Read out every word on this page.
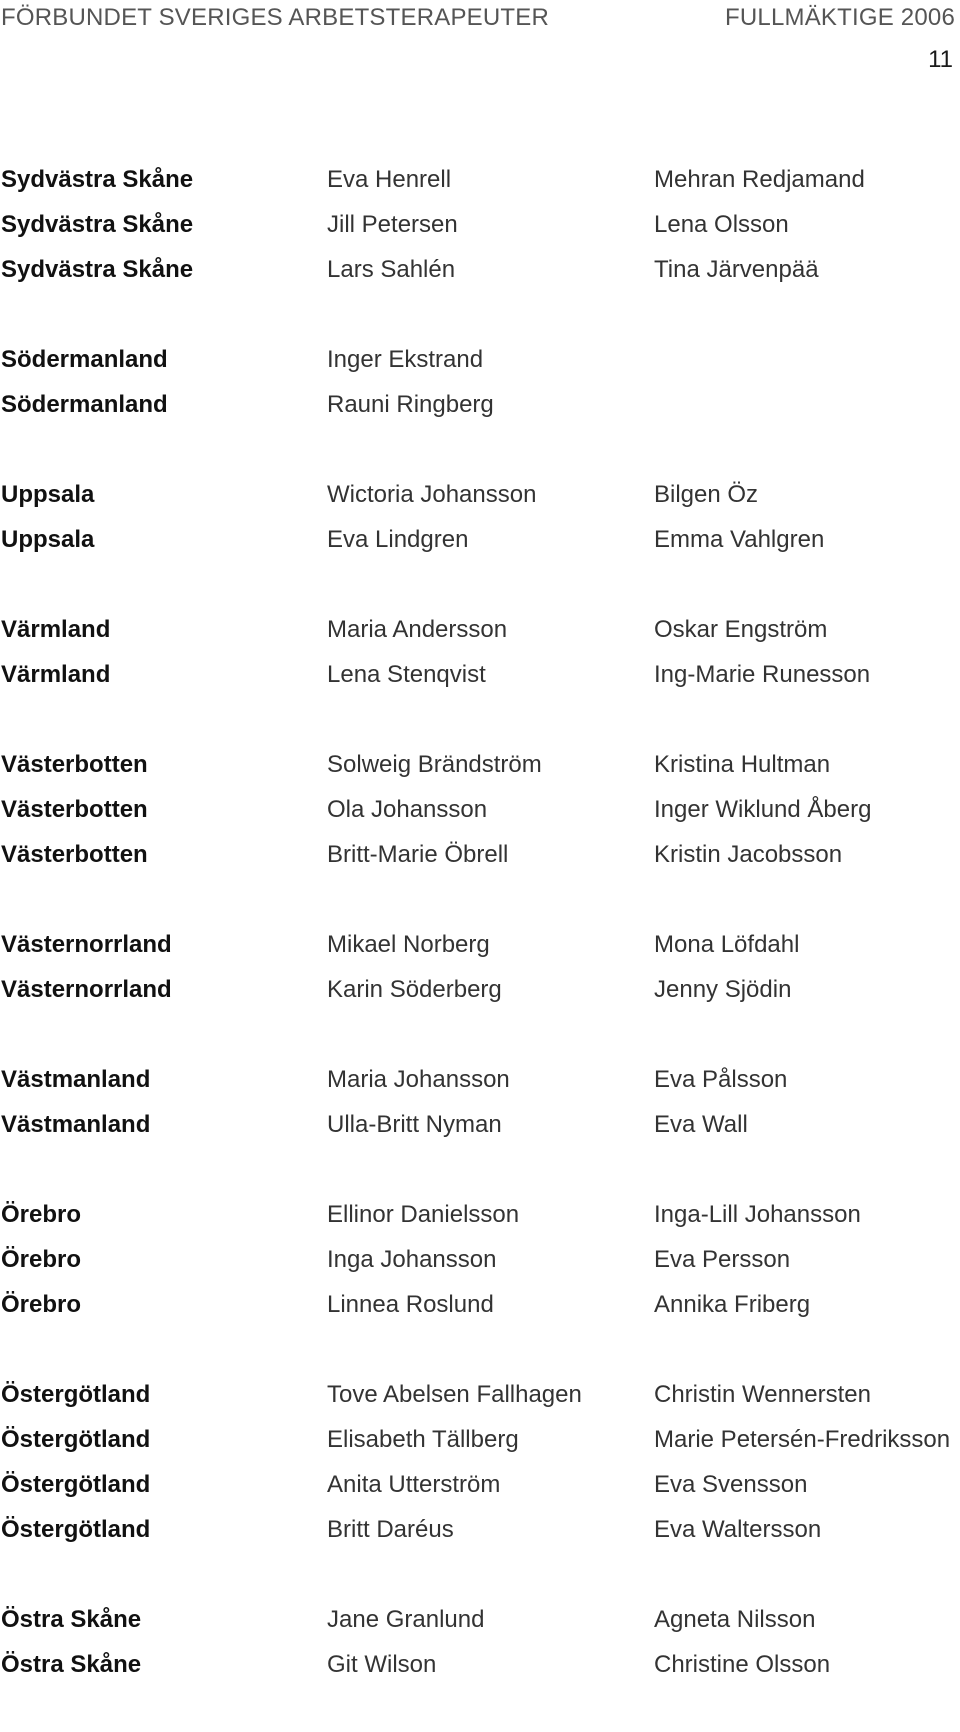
FÖRBUNDET SVERIGES ARBETSTERAPEUTER	FULLMÄKTIGE 2006
11
Sydvästra Skåne	Eva Henrell	Mehran Redjamand
Sydvästra Skåne	Jill Petersen	Lena Olsson
Sydvästra Skåne	Lars Sahlén	Tina Järvenpää
Södermanland	Inger Ekstrand
Södermanland	Rauni Ringberg
Uppsala	Wictoria Johansson	Bilgen Öz
Uppsala	Eva Lindgren	Emma Vahlgren
Värmland	Maria Andersson	Oskar Engström
Värmland	Lena Stenqvist	Ing-Marie Runesson
Västerbotten	Solweig Brändström	Kristina Hultman
Västerbotten	Ola Johansson	Inger Wiklund Åberg
Västerbotten	Britt-Marie Öbrell	Kristin Jacobsson
Västernorrland	Mikael Norberg	Mona Löfdahl
Västernorrland	Karin Söderberg	Jenny Sjödin
Västmanland	Maria Johansson	Eva Pålsson
Västmanland	Ulla-Britt Nyman	Eva Wall
Örebro	Ellinor Danielsson	Inga-Lill Johansson
Örebro	Inga Johansson	Eva Persson
Örebro	Linnea Roslund	Annika Friberg
Östergötland	Tove Abelsen Fallhagen	Christin Wennersten
Östergötland	Elisabeth Tällberg	Marie Petersén-Fredriksson
Östergötland	Anita Utterström	Eva Svensson
Östergötland	Britt Daréus	Eva Waltersson
Östra Skåne	Jane Granlund	Agneta Nilsson
Östra Skåne	Git Wilson	Christine Olsson
